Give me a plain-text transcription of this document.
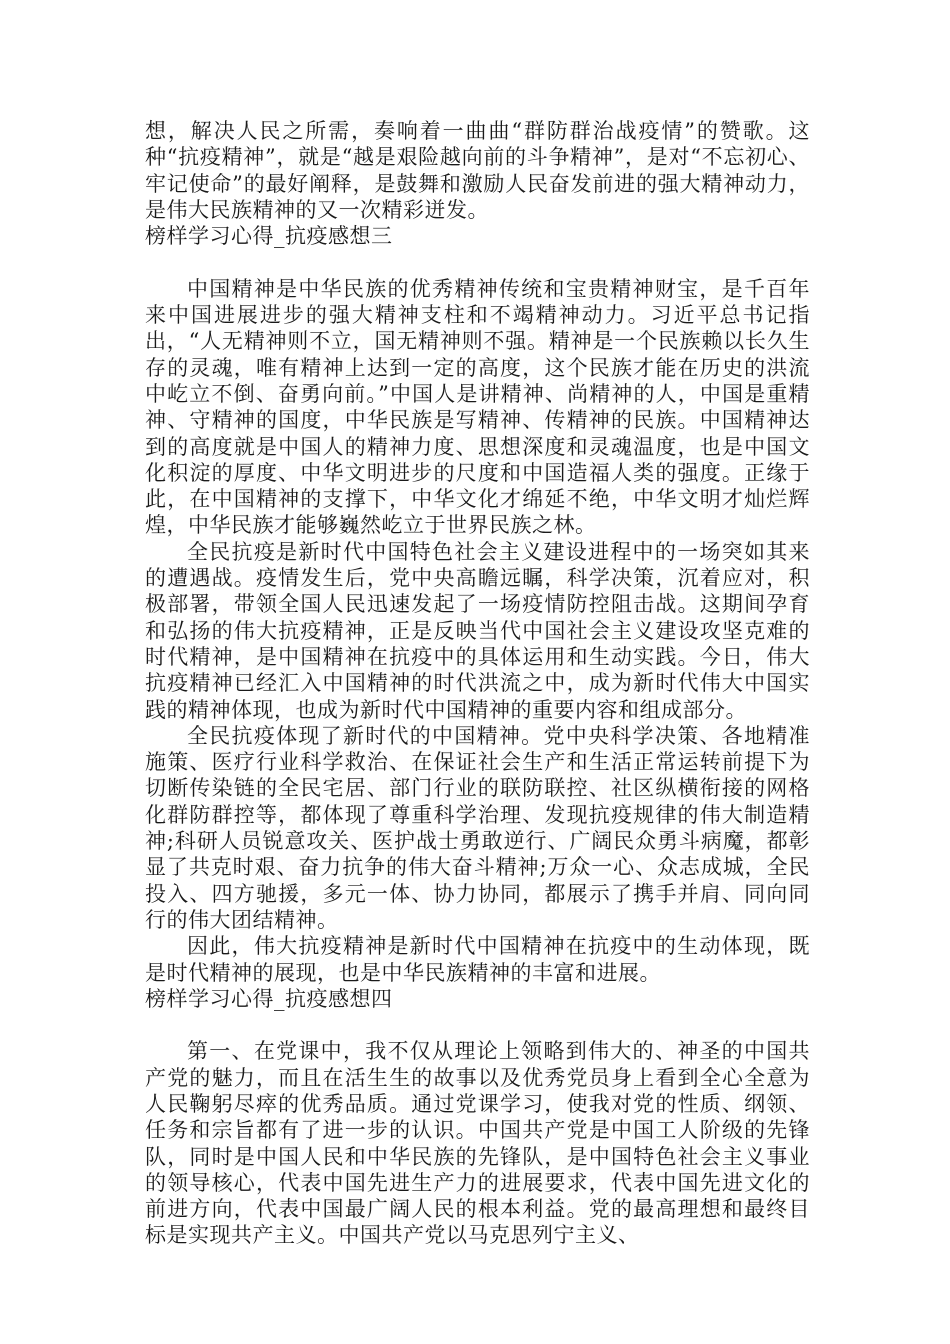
想，解决人民之所需，奏响着一曲曲“群防群治战疫情”的赞歌。这种“抗疫精神”，就是“越是艰险越向前的斗争精神”，是对“不忘初心、牢记使命”的最好阐释，是鼓舞和激励人民奋发前进的强大精神动力，是伟大民族精神的又一次精彩迸发。

榜样学习心得_抗疫感想三

中国精神是中华民族的优秀精神传统和宝贵精神财宝，是千百年来中国进展进步的强大精神支柱和不竭精神动力。习近平总书记指出，“人无精神则不立，国无精神则不强。精神是一个民族赖以长久生存的灵魂，唯有精神上达到一定的高度，这个民族才能在历史的洪流中屹立不倒、奋勇向前。”中国人是讲精神、尚精神的人，中国是重精神、守精神的国度，中华民族是写精神、传精神的民族。中国精神达到的高度就是中国人的精神力度、思想深度和灵魂温度，也是中国文化积淀的厚度、中华文明进步的尺度和中国造福人类的强度。正缘于此，在中国精神的支撑下，中华文化才绵延不绝，中华文明才灿烂辉煌，中华民族才能够巍然屹立于世界民族之林。

全民抗疫是新时代中国特色社会主义建设进程中的一场突如其来的遭遇战。疫情发生后，党中央高瞻远瞩，科学决策，沉着应对，积极部署，带领全国人民迅速发起了一场疫情防控阻击战。这期间孕育和弘扬的伟大抗疫精神，正是反映当代中国社会主义建设攻坚克难的时代精神，是中国精神在抗疫中的具体运用和生动实践。今日，伟大抗疫精神已经汇入中国精神的时代洪流之中，成为新时代伟大中国实践的精神体现，也成为新时代中国精神的重要内容和组成部分。

全民抗疫体现了新时代的中国精神。党中央科学决策、各地精准施策、医疗行业科学救治、在保证社会生产和生活正常运转前提下为切断传染链的全民宅居、部门行业的联防联控、社区纵横衔接的网格化群防群控等，都体现了尊重科学治理、发现抗疫规律的伟大制造精神;科研人员锐意攻关、医护战士勇敢逆行、广阔民众勇斗病魔，都彰显了共克时艰、奋力抗争的伟大奋斗精神;万众一心、众志成城，全民投入、四方驰援，多元一体、协力协同，都展示了携手并肩、同向同行的伟大团结精神。

因此，伟大抗疫精神是新时代中国精神在抗疫中的生动体现，既是时代精神的展现，也是中华民族精神的丰富和进展。

榜样学习心得_抗疫感想四

第一、在党课中，我不仅从理论上领略到伟大的、神圣的中国共产党的魅力，而且在活生生的故事以及优秀党员身上看到全心全意为人民鞠躬尽瘁的优秀品质。通过党课学习，使我对党的性质、纲领、任务和宗旨都有了进一步的认识。中国共产党是中国工人阶级的先锋队，同时是中国人民和中华民族的先锋队，是中国特色社会主义事业的领导核心，代表中国先进生产力的进展要求，代表中国先进文化的前进方向，代表中国最广阔人民的根本利益。党的最高理想和最终目标是实现共产主义。中国共产党以马克思列宁主义、
